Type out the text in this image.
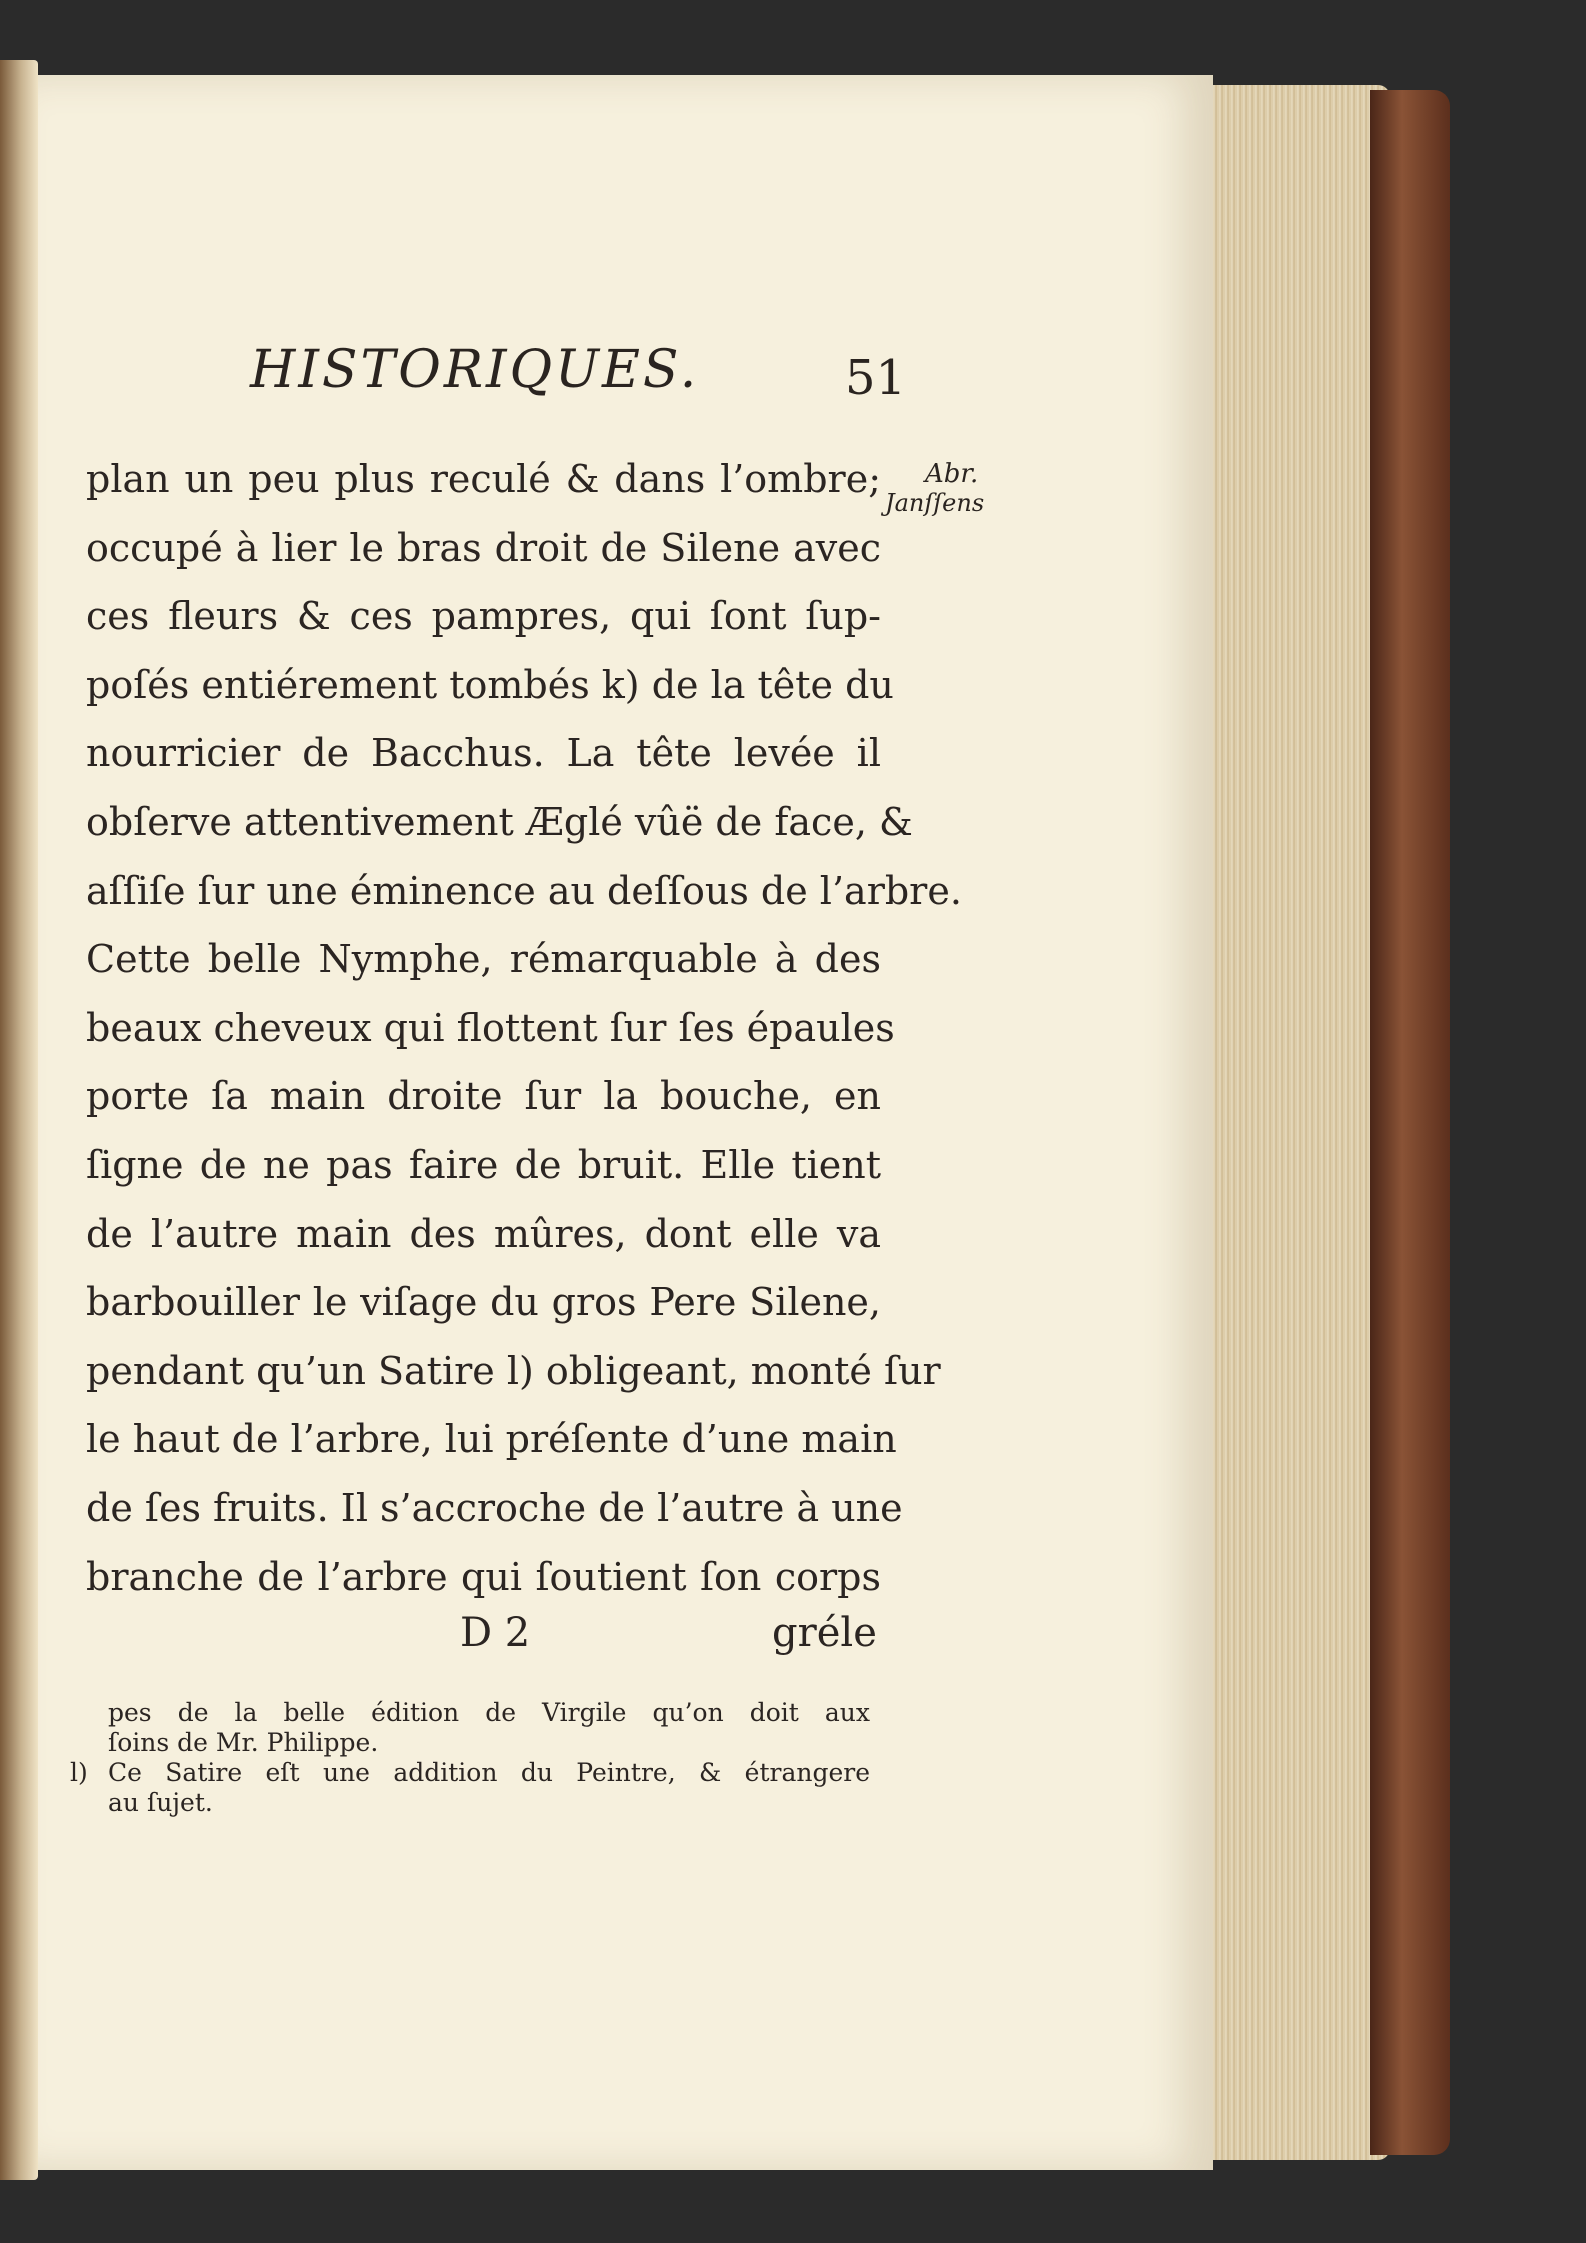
HISTORIQUES.	51
Abr.
Janſſens
plan un peu plus reculé & dans l’ombre;
occupé à lier le bras droit de Silene avec
ces fleurs & ces pampres, qui ſont ſup-
poſés entiérement tombés k) de la tête du
nourricier de Bacchus. La tête levée il
obſerve attentivement Æglé vûë de face, &
aſſiſe ſur une éminence au deſſous de l’arbre.
Cette belle Nymphe, rémarquable à des
beaux cheveux qui flottent ſur ſes épaules
porte ſa main droite ſur la bouche, en
ſigne de ne pas faire de bruit. Elle tient
de l’autre main des mûres, dont elle va
barbouiller le viſage du gros Pere Silene,
pendant qu’un Satire l) obligeant, monté ſur
le haut de l’arbre, lui préſente d’une main
de ſes fruits. Il s’accroche de l’autre à une
branche de l’arbre qui ſoutient ſon corps
D 2	gréle
pes de la belle édition de Virgile qu’on doit aux
ſoins de Mr. Philippe.
l) Ce Satire eſt une addition du Peintre, & étrangere
au ſujet.
